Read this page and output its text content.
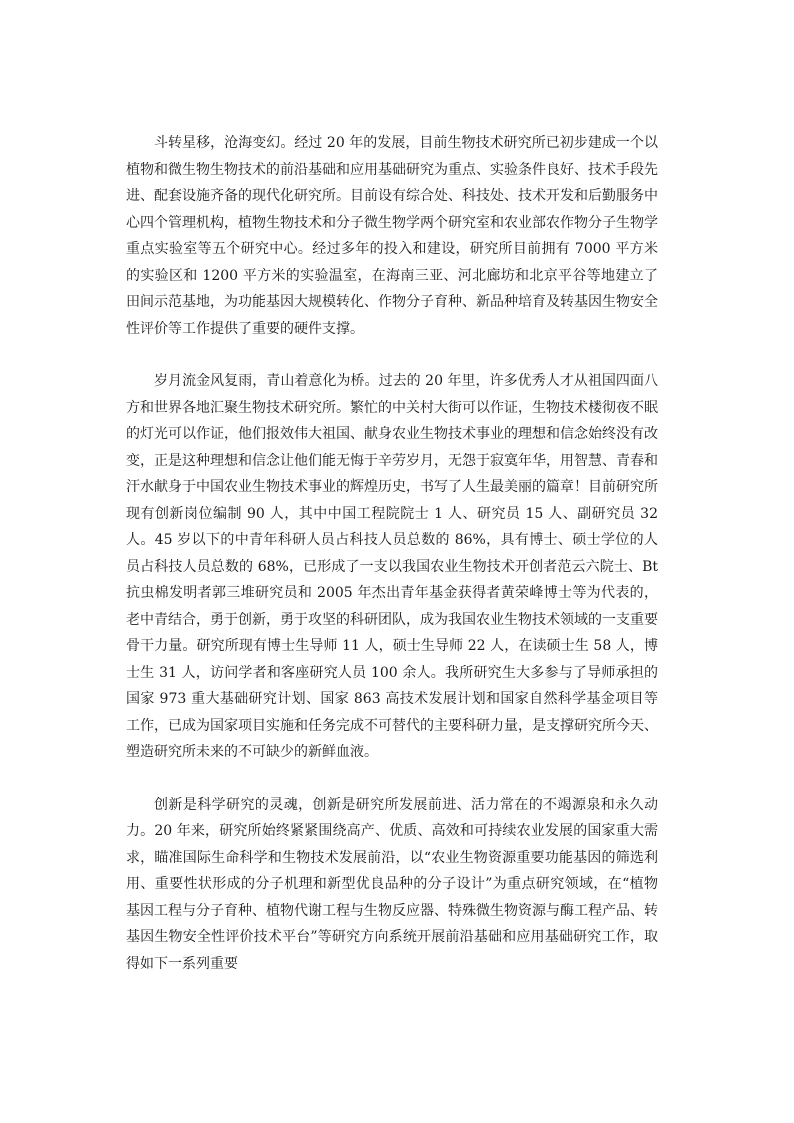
斗转星移，沧海变幻。经过 20 年的发展，目前生物技术研究所已初步建成一个以植物和微生物生物技术的前沿基础和应用基础研究为重点、实验条件良好、技术手段先进、配套设施齐备的现代化研究所。目前设有综合处、科技处、技术开发和后勤服务中心四个管理机构，植物生物技术和分子微生物学两个研究室和农业部农作物分子生物学重点实验室等五个研究中心。经过多年的投入和建设，研究所目前拥有 7000 平方米的实验区和 1200 平方米的实验温室，在海南三亚、河北廊坊和北京平谷等地建立了田间示范基地，为功能基因大规模转化、作物分子育种、新品种培育及转基因生物安全性评价等工作提供了重要的硬件支撑。

岁月流金风复雨，青山着意化为桥。过去的 20 年里，许多优秀人才从祖国四面八方和世界各地汇聚生物技术研究所。繁忙的中关村大街可以作证，生物技术楼彻夜不眠的灯光可以作证，他们报效伟大祖国、献身农业生物技术事业的理想和信念始终没有改变，正是这种理想和信念让他们能无悔于辛劳岁月，无怨于寂寞年华，用智慧、青春和汗水献身于中国农业生物技术事业的辉煌历史，书写了人生最美丽的篇章！目前研究所现有创新岗位编制 90 人，其中中国工程院院士 1 人、研究员 15 人、副研究员 32 人。45 岁以下的中青年科研人员占科技人员总数的 86%，具有博士、硕士学位的人员占科技人员总数的 68%，已形成了一支以我国农业生物技术开创者范云六院士、Bt 抗虫棉发明者郭三堆研究员和 2005 年杰出青年基金获得者黄荣峰博士等为代表的，老中青结合，勇于创新，勇于攻坚的科研团队，成为我国农业生物技术领域的一支重要骨干力量。研究所现有博士生导师 11 人，硕士生导师 22 人，在读硕士生 58 人，博士生 31 人，访问学者和客座研究人员 100 余人。我所研究生大多参与了导师承担的国家 973 重大基础研究计划、国家 863 高技术发展计划和国家自然科学基金项目等工作，已成为国家项目实施和任务完成不可替代的主要科研力量，是支撑研究所今天、塑造研究所未来的不可缺少的新鲜血液。

创新是科学研究的灵魂，创新是研究所发展前进、活力常在的不竭源泉和永久动力。20 年来，研究所始终紧紧围绕高产、优质、高效和可持续农业发展的国家重大需求，瞄准国际生命科学和生物技术发展前沿，以“农业生物资源重要功能基因的筛选利用、重要性状形成的分子机理和新型优良品种的分子设计”为重点研究领域，在“植物基因工程与分子育种、植物代谢工程与生物反应器、特殊微生物资源与酶工程产品、转基因生物安全性评价技术平台”等研究方向系统开展前沿基础和应用基础研究工作，取得如下一系列重要
